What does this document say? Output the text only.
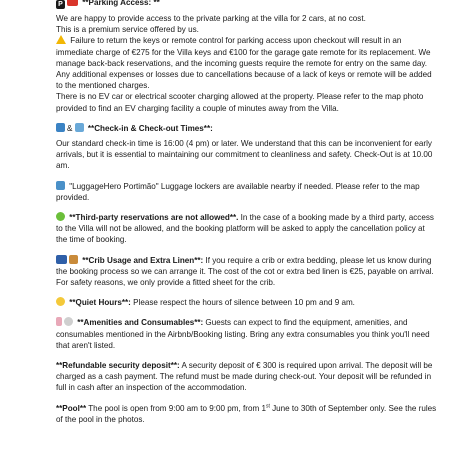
P **Parking Access: **

We are happy to provide access to the private parking at the villa for 2 cars, at no cost.

This is a premium service offered by us.

Failure to return the keys or remote control for parking access upon checkout will result in an immediate charge of €275 for the Villa keys and €100 for the garage gate remote for its replacement. We manage back-back reservations, and the incoming guests require the remote for entry on the same day. Any additional expenses or losses due to cancellations because of a lack of keys or remote will be added to the mentioned charges.

There is no EV car or electrical scooter charging allowed at the property. Please refer to the map photo provided to find an EV charging facility a couple of minutes away from the Villa.

&  **Check-in & Check-out Times**:

Our standard check-in time is 16:00 (4 pm) or later. We understand that this can be inconvenient for early arrivals, but it is essential to maintaining our commitment to cleanliness and safety. Check-Out is at 10.00 am.

"LuggageHero Portimão" Luggage lockers are available nearby if needed. Please refer to the map provided.

**Third-party reservations are not allowed**. In the case of a booking made by a third party, access to the Villa will not be allowed, and the booking platform will be asked to apply the cancellation policy at the time of booking.

**Crib Usage and Extra Linen**: If you require a crib or extra bedding, please let us know during the booking process so we can arrange it. The cost of the cot or extra bed linen is €25, payable on arrival. For safety reasons, we only provide a fitted sheet for the crib.

**Quiet Hours**: Please respect the hours of silence between 10 pm and 9 am.

**Amenities and Consumables**: Guests can expect to find the equipment, amenities, and consumables mentioned in the Airbnb/Booking listing. Bring any extra consumables you think you'll need that aren't listed.

**Refundable security deposit**: A security deposit of € 300 is required upon arrival. The deposit will be charged as a cash payment. The refund must be made during check-out. Your deposit will be refunded in full in cash after an inspection of the accommodation.

**Pool** The pool is open from 9:00 am to 9:00 pm, from 1st June to 30th of September only. See the rules of the pool in the photos.
